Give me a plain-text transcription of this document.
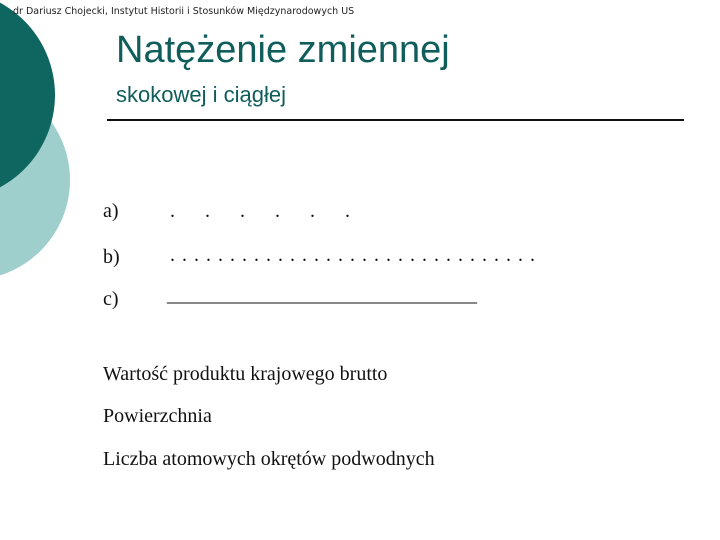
dr Dariusz Chojecki, Instytut Historii i Stosunków Międzynarodowych US
Natężenie zmiennej
skokowej i ciągłej
a)	.    .    .    .    .    .
b)	...............................
c) _______________________________
Wartość produktu krajowego brutto
Powierzchnia
Liczba atomowych okrętów podwodnych
